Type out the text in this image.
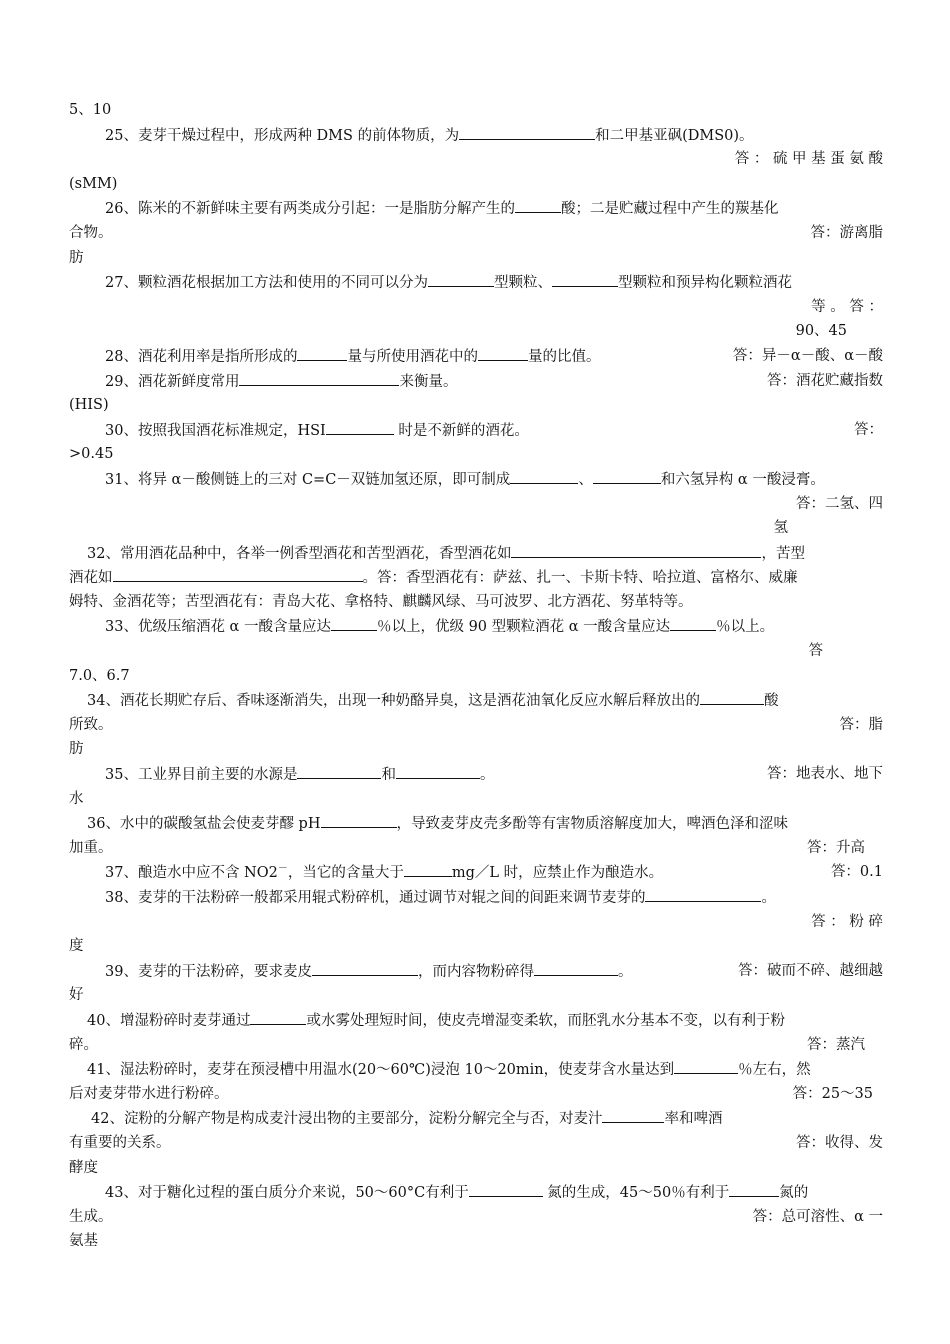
5、10
25、麦芽干燥过程中，形成两种 DMS 的前体物质，为	和二甲基亚砜(DMS0)。
答 ： 硫 甲 基 蛋 氨 酸
(sMM)
26、陈米的不新鲜味主要有两类成分引起：一是脂肪分解产生的	酸；二是贮藏过程中产生的羰基化
合物。	答：游离脂
肪
27、颗粒酒花根据加工方法和使用的不同可以分为	型颗粒、	型颗粒和预异构化颗粒酒花
等 。 答 ：
90、45
28、酒花利用率是指所形成的	量与所使用酒花中的	量的比值。	答：异－α－酸、α－酸
29、酒花新鲜度常用	来衡量。	答：酒花贮藏指数
(HIS)
30、按照我国酒花标准规定，HSI	时是不新鲜的酒花。	答：
>0.45
31、将异 α－酸侧链上的三对 C=C－双链加氢还原，即可制成	、	和六氢异构 α 一酸浸膏。
答：二氢、四
氢
32、常用酒花品种中，各举一例香型酒花和苦型酒花，香型酒花如	，苦型
酒花如	。答：香型酒花有：萨兹、扎一、卡斯卡特、哈拉道、富格尔、威廉
姆特、金酒花等；苦型酒花有：青岛大花、拿格特、麒麟风绿、马可波罗、北方酒花、努革特等。
33、优级压缩酒花 α 一酸含量应达	％以上，优级 90 型颗粒酒花 α 一酸含量应达	％以上。
答
7.0、6.7
34、酒花长期贮存后、香味逐渐消失，出现一种奶酪异臭，这是酒花油氧化反应水解后释放出的	酸
所致。	答：脂
肪
35、工业界目前主要的水源是	和	。	答：地表水、地下
水
36、水中的碳酸氢盐会使麦芽醪 pH	，导致麦芽皮壳多酚等有害物质溶解度加大，啤酒色泽和涩味
加重。	答：升高
37、酿造水中应不含 NO2－，当它的含量大于	mg／L 时，应禁止作为酿造水。	答：0.1
38、麦芽的干法粉碎一般都采用辊式粉碎机，通过调节对辊之间的间距来调节麦芽的	。
答 ： 粉 碎
度
39、麦芽的干法粉碎，要求麦皮	，而内容物粉碎得	。	答：破而不碎、越细越
好
40、增湿粉碎时麦芽通过	或水雾处理短时间，使皮壳增湿变柔软，而胚乳水分基本不变，以有利于粉
碎。	答：蒸汽
41、湿法粉碎时，麦芽在预浸槽中用温水(20～60℃)浸泡 10～20min，使麦芽含水量达到	％左右，然
后对麦芽带水进行粉碎。	答：25～35
42、淀粉的分解产物是构成麦汁浸出物的主要部分，淀粉分解完全与否，对麦汁	率和啤酒
有重要的关系。	答：收得、发
酵度
43、对于糖化过程的蛋白质分介来说，50～60°C有利于	氮的生成，45～50％有利于	氮的
生成。	答：总可溶性、α 一
氨基
